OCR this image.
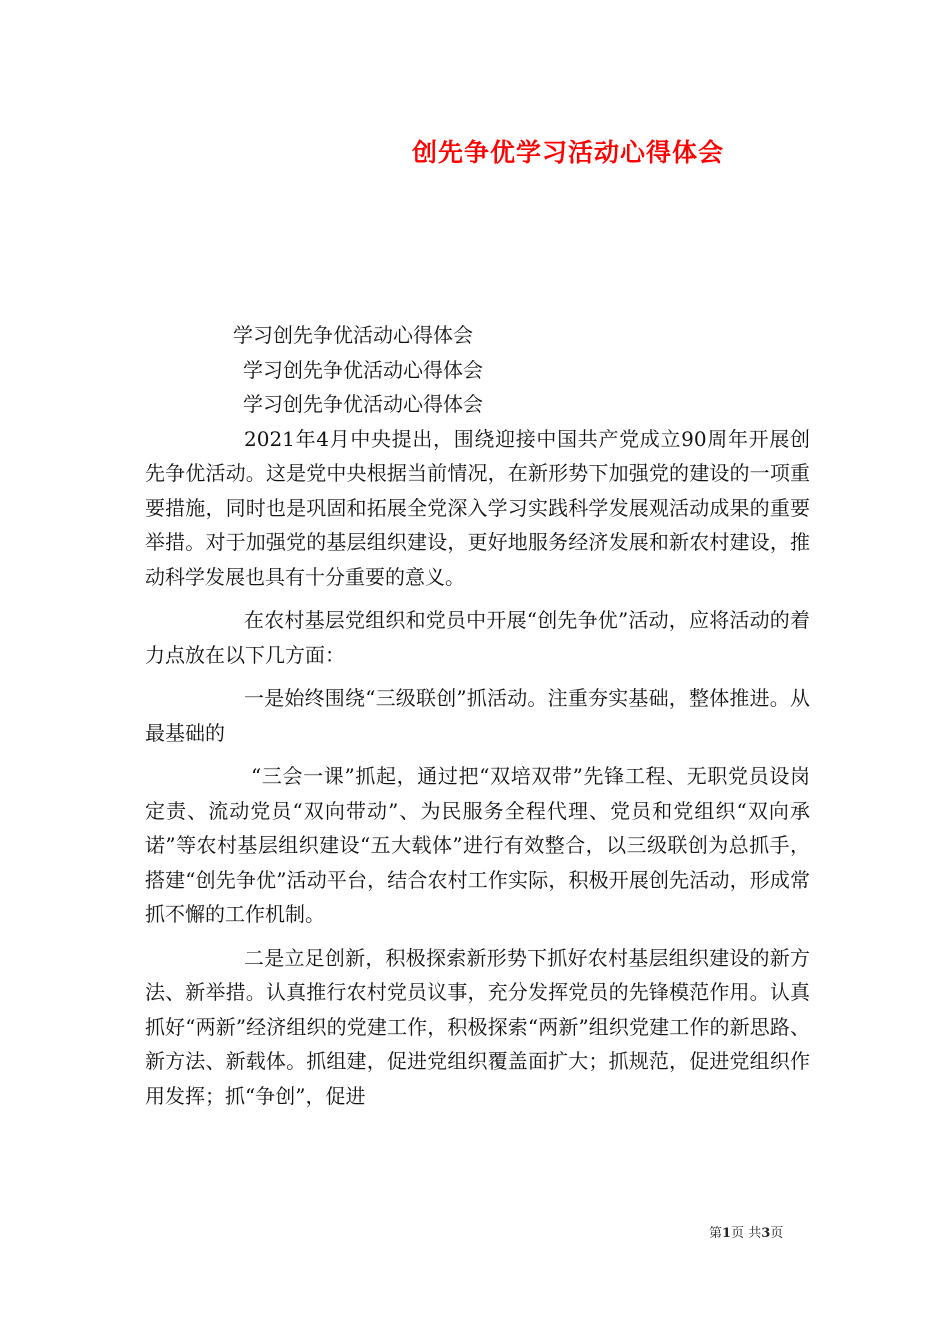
创先争优学习活动心得体会

学习创先争优活动心得体会

学习创先争优活动心得体会

学习创先争优活动心得体会

2021年4月中央提出，围绕迎接中国共产党成立90周年开展创先争优活动。这是党中央根据当前情况，在新形势下加强党的建设的一项重要措施，同时也是巩固和拓展全党深入学习实践科学发展观活动成果的重要举措。对于加强党的基层组织建设，更好地服务经济发展和新农村建设，推动科学发展也具有十分重要的意义。

在农村基层党组织和党员中开展“创先争优”活动，应将活动的着力点放在以下几方面：

一是始终围绕“三级联创”抓活动。注重夯实基础，整体推进。从最基础的

“三会一课”抓起，通过把“双培双带”先锋工程、无职党员设岗定责、流动党员“双向带动”、为民服务全程代理、党员和党组织“双向承诺”等农村基层组织建设“五大载体”进行有效整合，以三级联创为总抓手，搭建“创先争优”活动平台，结合农村工作实际，积极开展创先活动，形成常抓不懈的工作机制。

二是立足创新，积极探索新形势下抓好农村基层组织建设的新方法、新举措。认真推行农村党员议事，充分发挥党员的先锋模范作用。认真抓好“两新”经济组织的党建工作，积极探索“两新”组织党建工作的新思路、新方法、新载体。抓组建，促进党组织覆盖面扩大；抓规范，促进党组织作用发挥；抓“争创”，促进

第1页 共3页
